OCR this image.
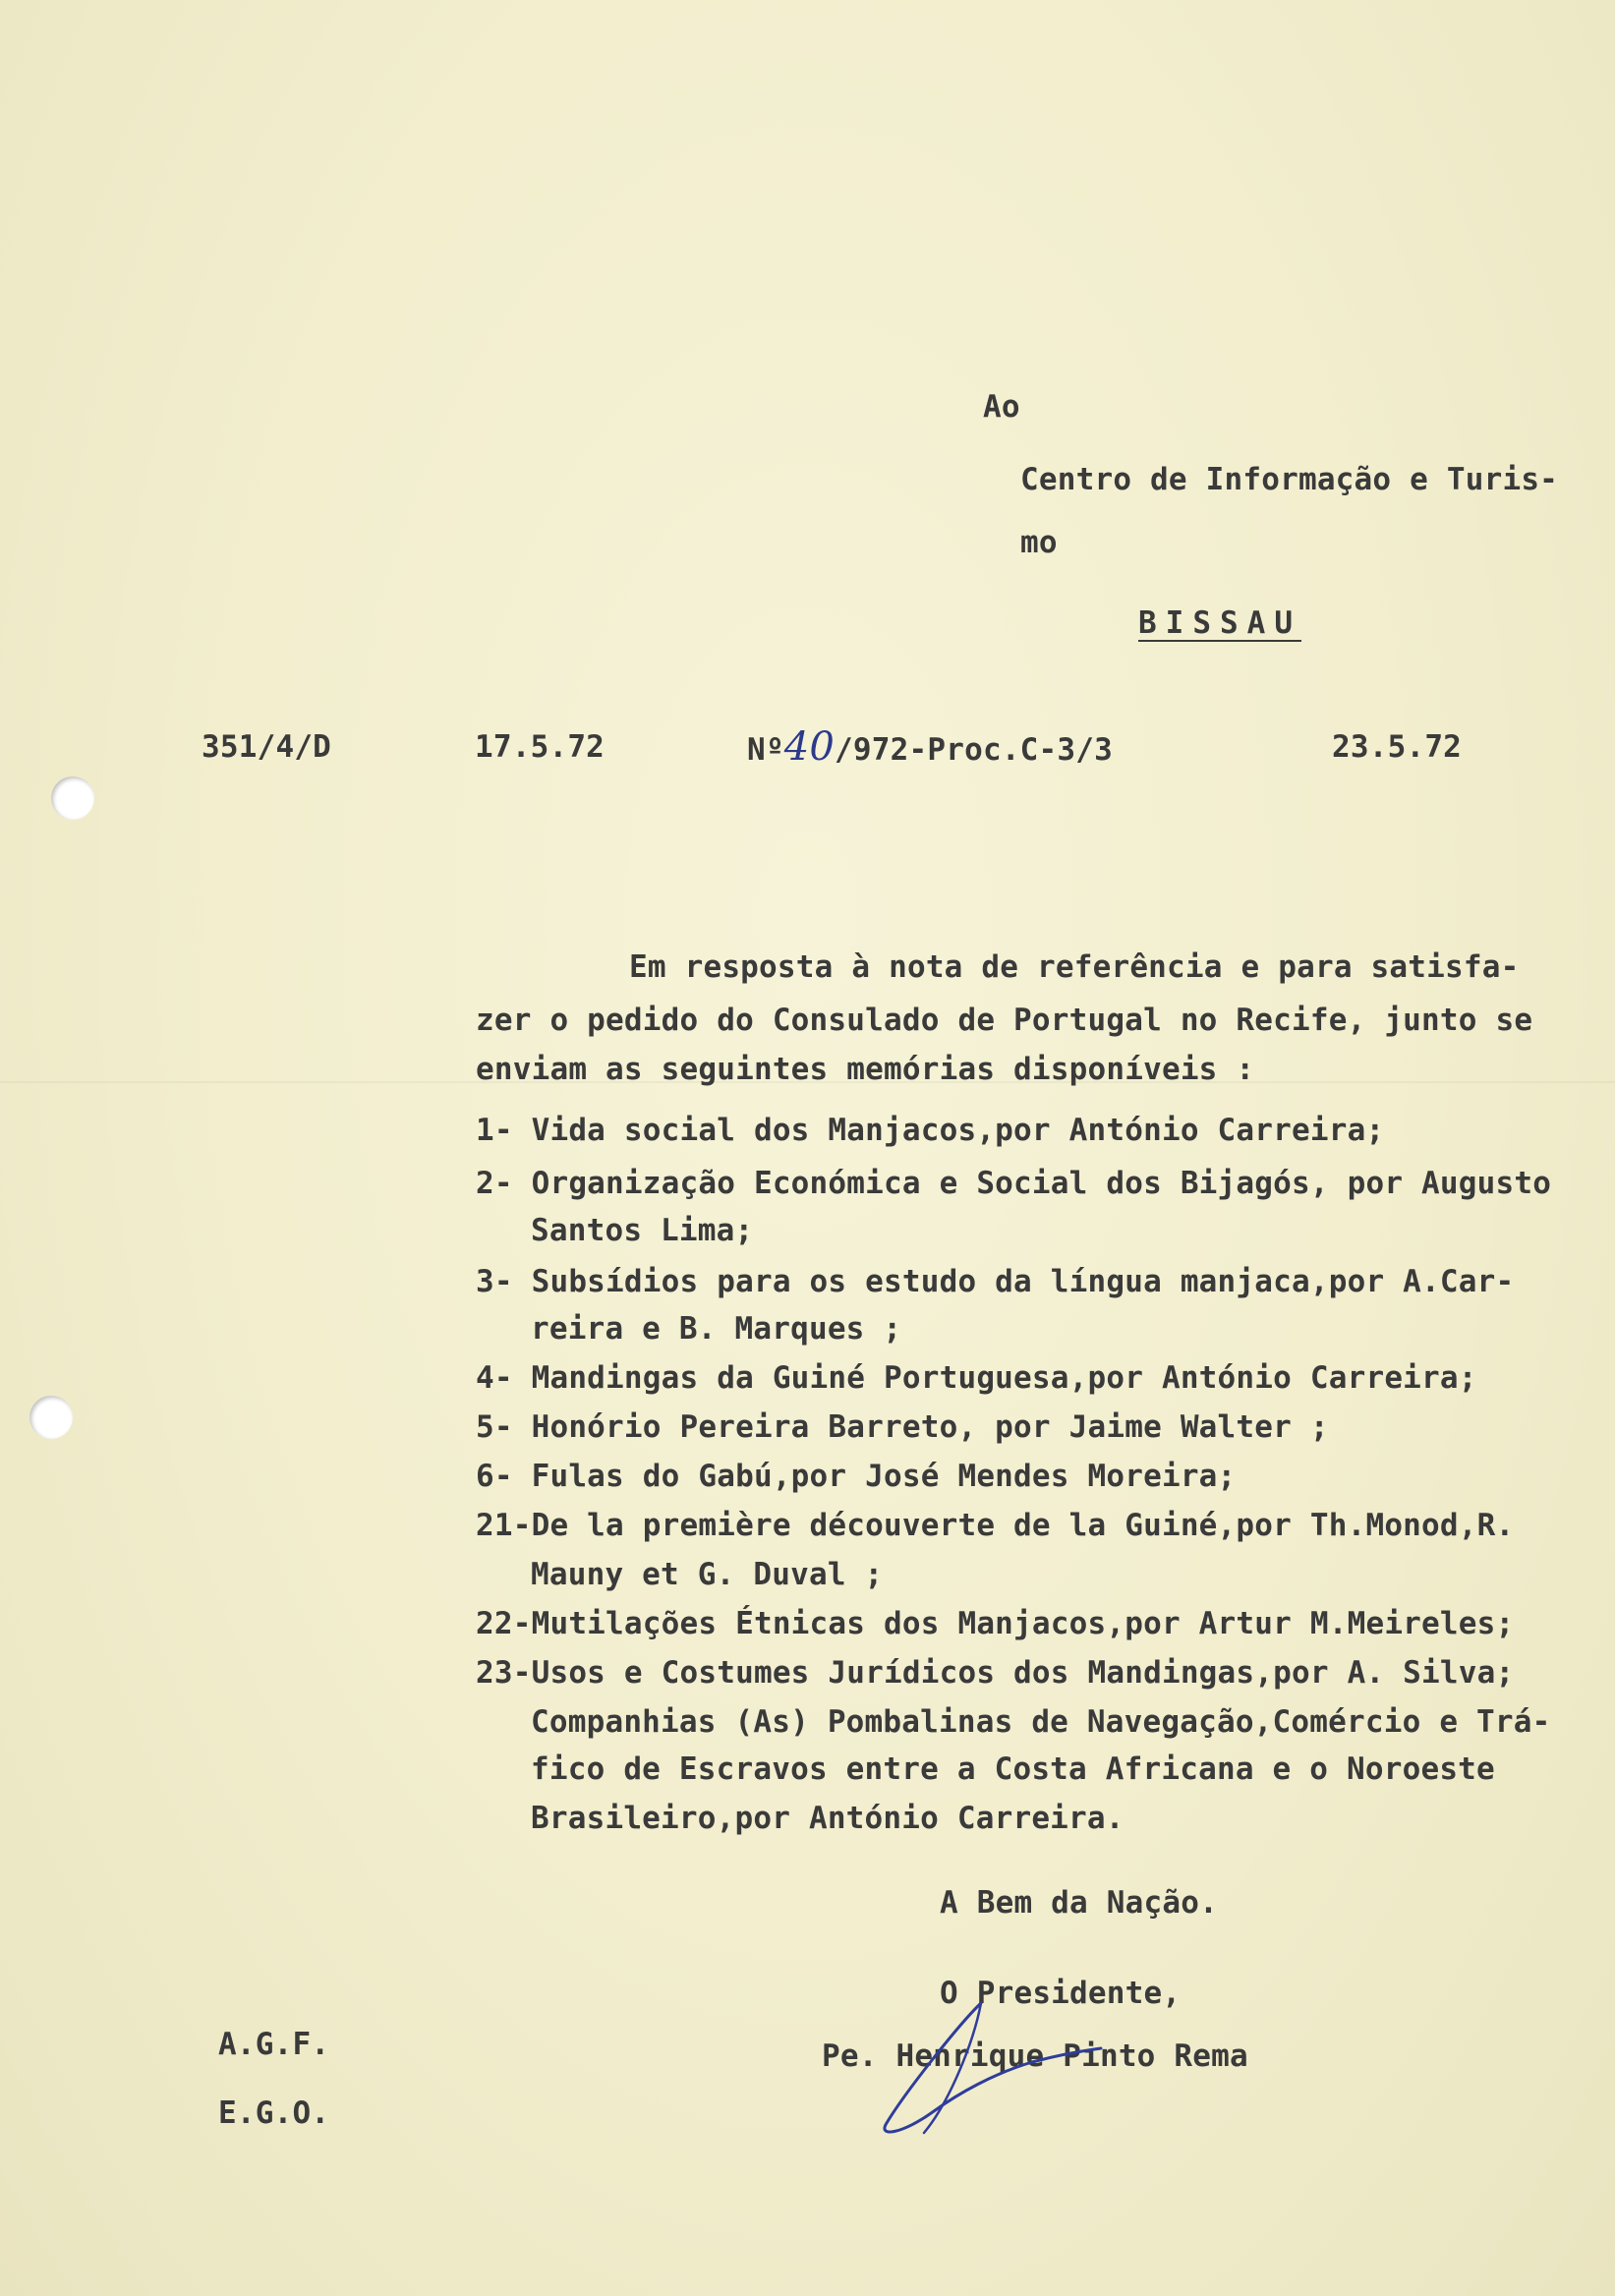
Ao
Centro de Informação e Turis-
mo
BISSAU
351/4/D	17.5.72	Nº40/972-Proc.C-3/3	23.5.72
Em resposta à nota de referência e para satisfa-
zer o pedido do Consulado de Portugal no Recife, junto se
enviam as seguintes memórias disponíveis :
1- Vida social dos Manjacos,por António Carreira;
2- Organização Económica e Social dos Bijagós, por Augusto
Santos Lima;
3- Subsídios para os estudo da língua manjaca,por A.Car-
reira e B. Marques ;
4- Mandingas da Guiné Portuguesa,por António Carreira;
5- Honório Pereira Barreto, por Jaime Walter ;
6- Fulas do Gabú,por José Mendes Moreira;
21-De la première découverte de la Guiné,por Th.Monod,R.
Mauny et G. Duval ;
22-Mutilações Étnicas dos Manjacos,por Artur M.Meireles;
23-Usos e Costumes Jurídicos dos Mandingas,por A. Silva;
Companhias (As) Pombalinas de Navegação,Comércio e Trá-
fico de Escravos entre a Costa Africana e o Noroeste
Brasileiro,por António Carreira.
A Bem da Nação.
O Presidente,
Pe. Henrique Pinto Rema
A.G.F.
E.G.O.
